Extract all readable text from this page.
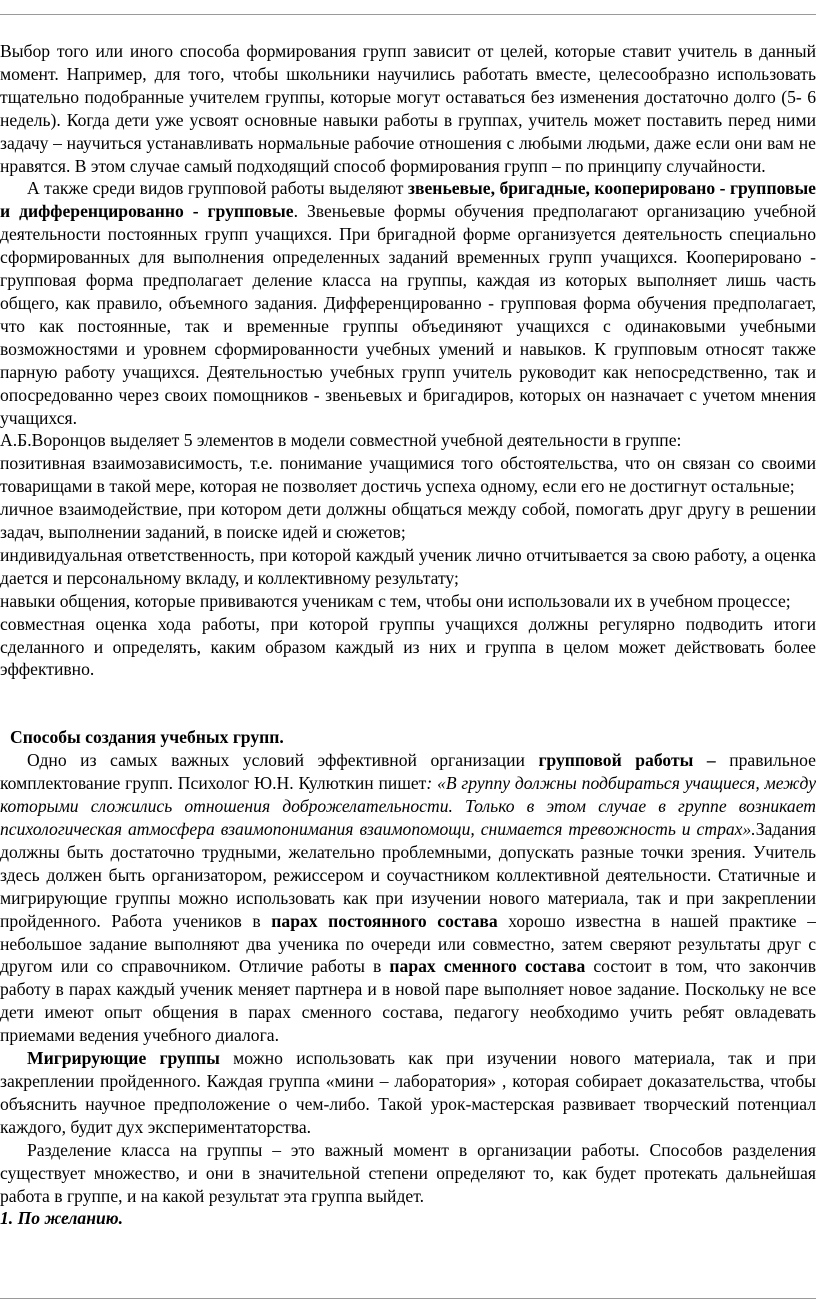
Выбор того или иного способа формирования групп зависит от целей, которые ставит учитель в данный момент. Например, для того, чтобы школьники научились работать вместе, целесообразно использовать тщательно подобранные учителем группы, которые могут оставаться без изменения достаточно долго (5- 6 недель). Когда дети уже усвоят основные навыки работы в группах, учитель может поставить перед ними задачу – научиться устанавливать нормальные рабочие отношения с любыми людьми, даже если они вам не нравятся. В этом случае самый подходящий способ формирования групп – по принципу случайности.

А также среди видов групповой работы выделяют звеньевые, бригадные, кооперировано - групповые и дифференцированно - групповые. Звеньевые формы обучения предполагают организацию учебной деятельности постоянных групп учащихся. При бригадной форме организуется деятельность специально сформированных для выполнения определенных заданий временных групп учащихся. Кооперировано - групповая форма предполагает деление класса на группы, каждая из которых выполняет лишь часть общего, как правило, объемного задания. Дифференцированно - групповая форма обучения предполагает, что как постоянные, так и временные группы объединяют учащихся с одинаковыми учебными возможностями и уровнем сформированности учебных умений и навыков. К групповым относят также парную работу учащихся. Деятельностью учебных групп учитель руководит как непосредственно, так и опосредованно через своих помощников - звеньевых и бригадиров, которых он назначает с учетом мнения учащихся.

А.Б.Воронцов выделяет 5 элементов в модели совместной учебной деятельности в группе:

позитивная взаимозависимость, т.е. понимание учащимися того обстоятельства, что он связан со своими товарищами в такой мере, которая не позволяет достичь успеха одному, если его не достигнут остальные;

личное взаимодействие, при котором дети должны общаться между собой, помогать друг другу в решении задач, выполнении заданий, в поиске идей и сюжетов;

индивидуальная ответственность, при которой каждый ученик лично отчитывается за свою работу, а оценка дается и персональному вкладу, и коллективному результату;

навыки общения, которые прививаются ученикам с тем, чтобы они использовали их в учебном процессе;

совместная оценка хода работы, при которой группы учащихся должны регулярно подводить итоги сделанного и определять, каким образом каждый из них и группа в целом может действовать более эффективно.

Способы создания учебных групп.

Одно из самых важных условий эффективной организации групповой работы – правильное комплектование групп. Психолог Ю.Н. Кулюткин пишет: «В группу должны подбираться учащиеся, между которыми сложились отношения доброжелательности. Только в этом случае в группе возникает психологическая атмосфера взаимопонимания взаимопомощи, снимается тревожность и страх».Задания должны быть достаточно трудными, желательно проблемными, допускать разные точки зрения. Учитель здесь должен быть организатором, режиссером и соучастником коллективной деятельности. Статичные и мигрирующие группы можно использовать как при изучении нового материала, так и при закреплении пройденного. Работа учеников в парах постоянного состава хорошо известна в нашей практике – небольшое задание выполняют два ученика по очереди или совместно, затем сверяют результаты друг с другом или со справочником. Отличие работы в парах сменного состава состоит в том, что закончив работу в парах каждый ученик меняет партнера и в новой паре выполняет новое задание. Поскольку не все дети имеют опыт общения в парах сменного состава, педагогу необходимо учить ребят овладевать приемами ведения учебного диалога.

Мигрирующие группы можно использовать как при изучении нового материала, так и при закреплении пройденного. Каждая группа «мини – лаборатория» , которая собирает доказательства, чтобы объяснить научное предположение о чем-либо. Такой урок-мастерская развивает творческий потенциал каждого, будит дух экспериментаторства.

Разделение класса на группы – это важный момент в организации работы. Способов разделения существует множество, и они в значительной степени определяют то, как будет протекать дальнейшая работа в группе, и на какой результат эта группа выйдет.

1. По желанию.
